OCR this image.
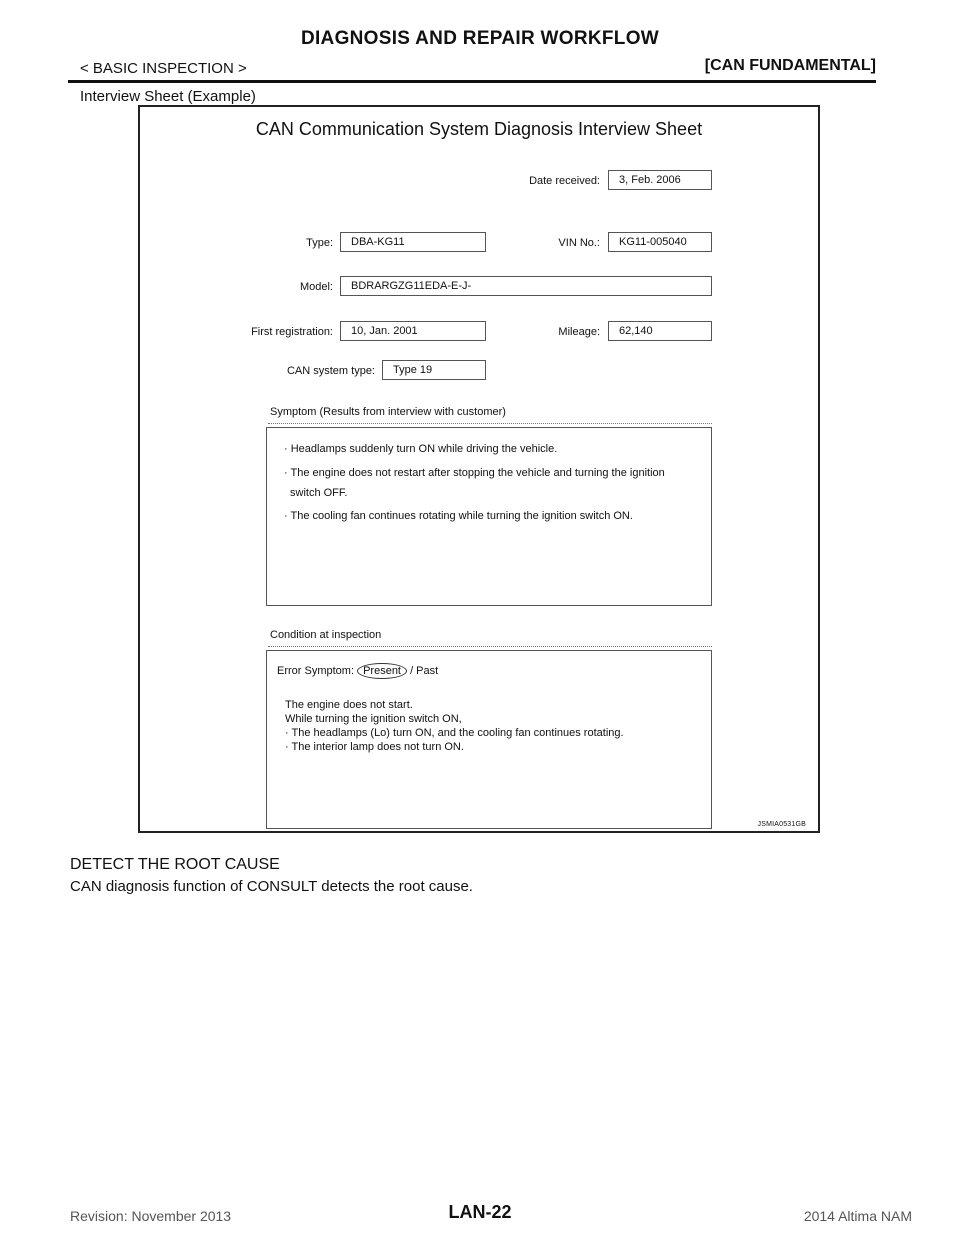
DIAGNOSIS AND REPAIR WORKFLOW
< BASIC INSPECTION >	[CAN FUNDAMENTAL]
Interview Sheet (Example)
CAN Communication System Diagnosis Interview Sheet
Date received:	3, Feb. 2006
Type:	DBA-KG11	VIN No.:	KG11-005040
Model:	BDRARGZG11EDA-E-J-
First registration:	10, Jan. 2001	Mileage:	62,140
CAN system type:	Type 19
Symptom (Results from interview with customer)
· Headlamps suddenly turn ON while driving the vehicle.
· The engine does not restart after stopping the vehicle and turning the ignition
switch OFF.
· The cooling fan continues rotating while turning the ignition switch ON.
Condition at inspection
Error Symptom: Present / Past
The engine does not start.
While turning the ignition switch ON,
· The headlamps (Lo) turn ON, and the cooling fan continues rotating.
· The interior lamp does not turn ON.
JSMIA0531GB
DETECT THE ROOT CAUSE
CAN diagnosis function of CONSULT detects the root cause.
LAN-22
Revision: November 2013	2014 Altima NAM
